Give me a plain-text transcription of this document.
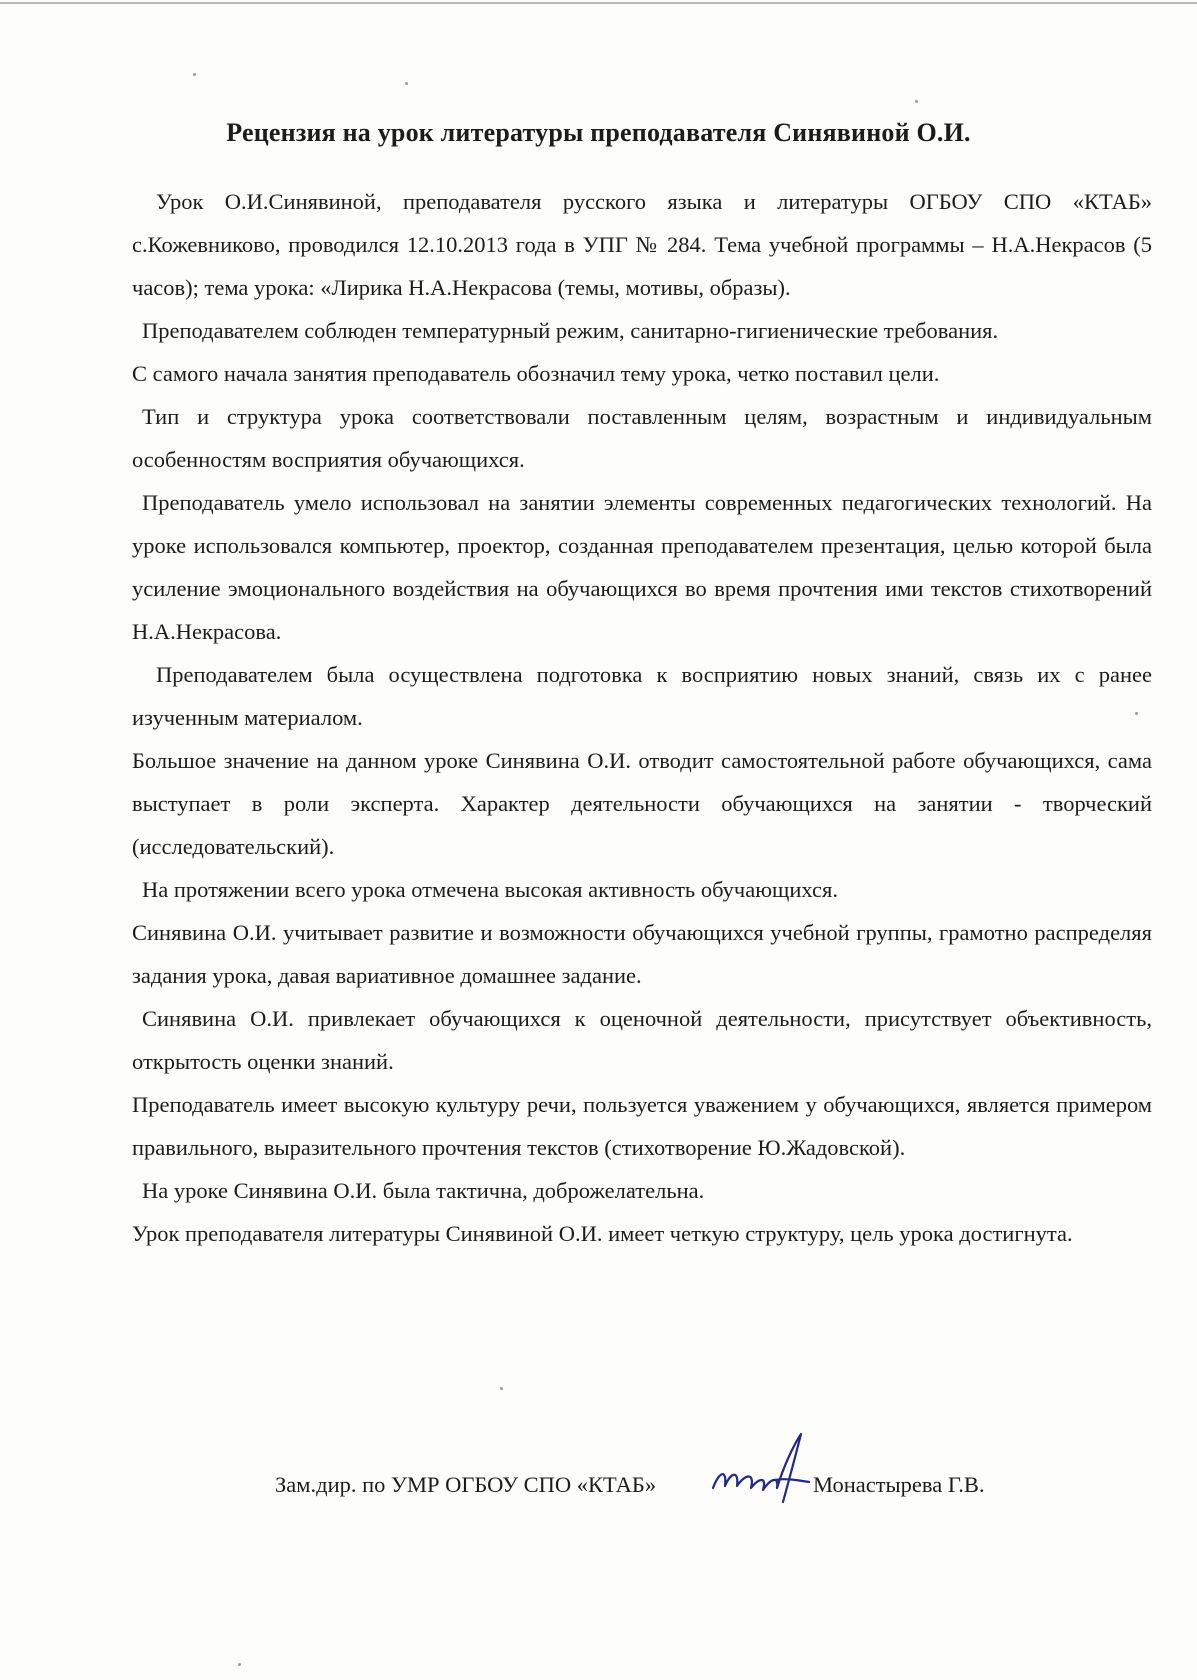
Рецензия на урок литературы преподавателя Синявиной О.И.

Урок О.И.Синявиной, преподавателя русского языка и литературы ОГБОУ СПО «КТАБ» с.Кожевниково, проводился 12.10.2013 года в УПГ № 284. Тема учебной программы – Н.А.Некрасов (5 часов); тема урока: «Лирика Н.А.Некрасова (темы, мотивы, образы).

Преподавателем соблюден температурный режим, санитарно-гигиенические требования.

С самого начала занятия преподаватель обозначил тему урока, четко поставил цели.

Тип и структура урока соответствовали поставленным целям, возрастным и индивидуальным особенностям восприятия обучающихся.

Преподаватель умело использовал на занятии элементы современных педагогических технологий. На уроке использовался компьютер, проектор, созданная преподавателем презентация, целью которой была усиление эмоционального воздействия на обучающихся во время прочтения ими текстов стихотворений Н.А.Некрасова.

Преподавателем была осуществлена подготовка к восприятию новых знаний, связь их с ранее изученным материалом.

Большое значение на данном уроке Синявина О.И. отводит самостоятельной работе обучающихся, сама выступает в роли эксперта. Характер деятельности обучающихся на занятии - творческий (исследовательский).

На протяжении всего урока отмечена высокая активность обучающихся.

Синявина О.И. учитывает развитие и возможности обучающихся учебной группы, грамотно распределяя задания урока, давая вариативное домашнее задание.

Синявина О.И. привлекает обучающихся к оценочной деятельности, присутствует объективность, открытость оценки знаний.

Преподаватель имеет высокую культуру речи, пользуется уважением у обучающихся, является примером правильного, выразительного прочтения текстов (стихотворение Ю.Жадовской).

На уроке Синявина О.И. была тактична, доброжелательна.

Урок преподавателя литературы Синявиной О.И. имеет четкую структуру, цель урока достигнута.

Зам.дир. по УМР ОГБОУ СПО «КТАБ»	Монастырева Г.В.
